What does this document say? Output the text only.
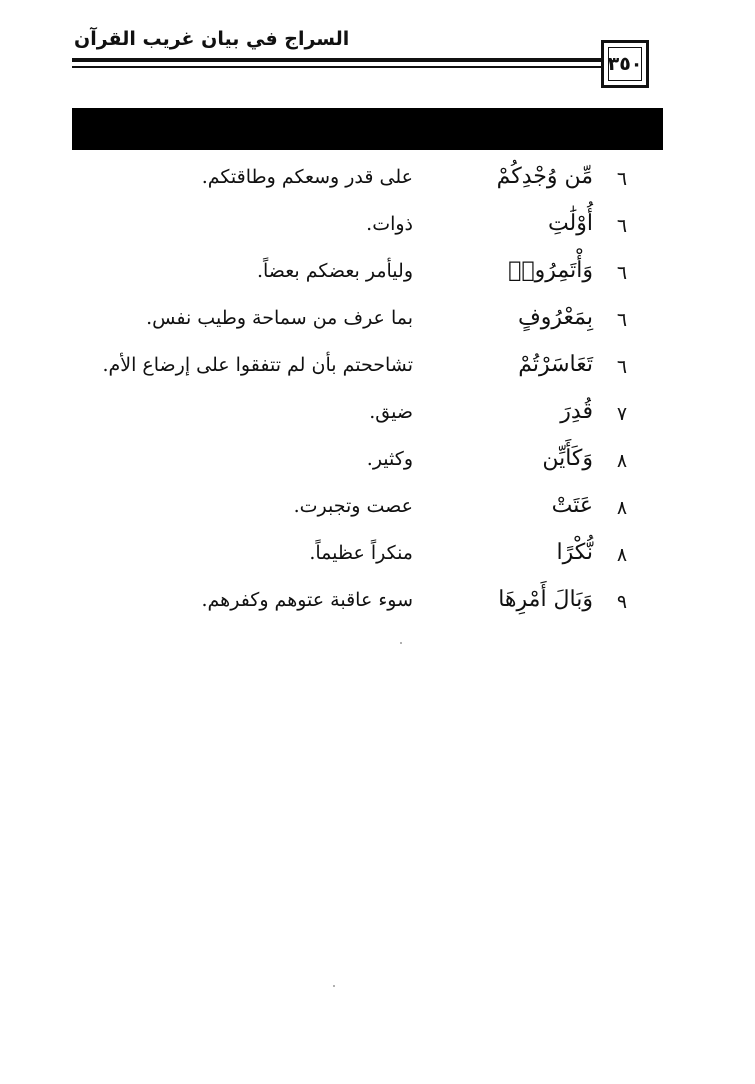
السراج في بيان غريب القرآن
٣٥٠
٦
مِّن وُجْدِكُمْ
على قدر وسعكم وطاقتكم.
٦
أُوْلَٰتِ
ذوات.
٦
وَأْتَمِرُوا۟
وليأمر بعضكم بعضاً.
٦
بِمَعْرُوفٍ
بما عرف من سماحة وطيب نفس.
٦
تَعَاسَرْتُمْ
تشاححتم بأن لم تتفقوا على إرضاع الأم.
٧
قُدِرَ
ضيق.
٨
وَكَأَيِّن
وكثير.
٨
عَتَتْ
عصت وتجبرت.
٨
نُّكْرًا
منكراً عظيماً.
٩
وَبَالَ أَمْرِهَا
سوء عاقبة عتوهم وكفرهم.
